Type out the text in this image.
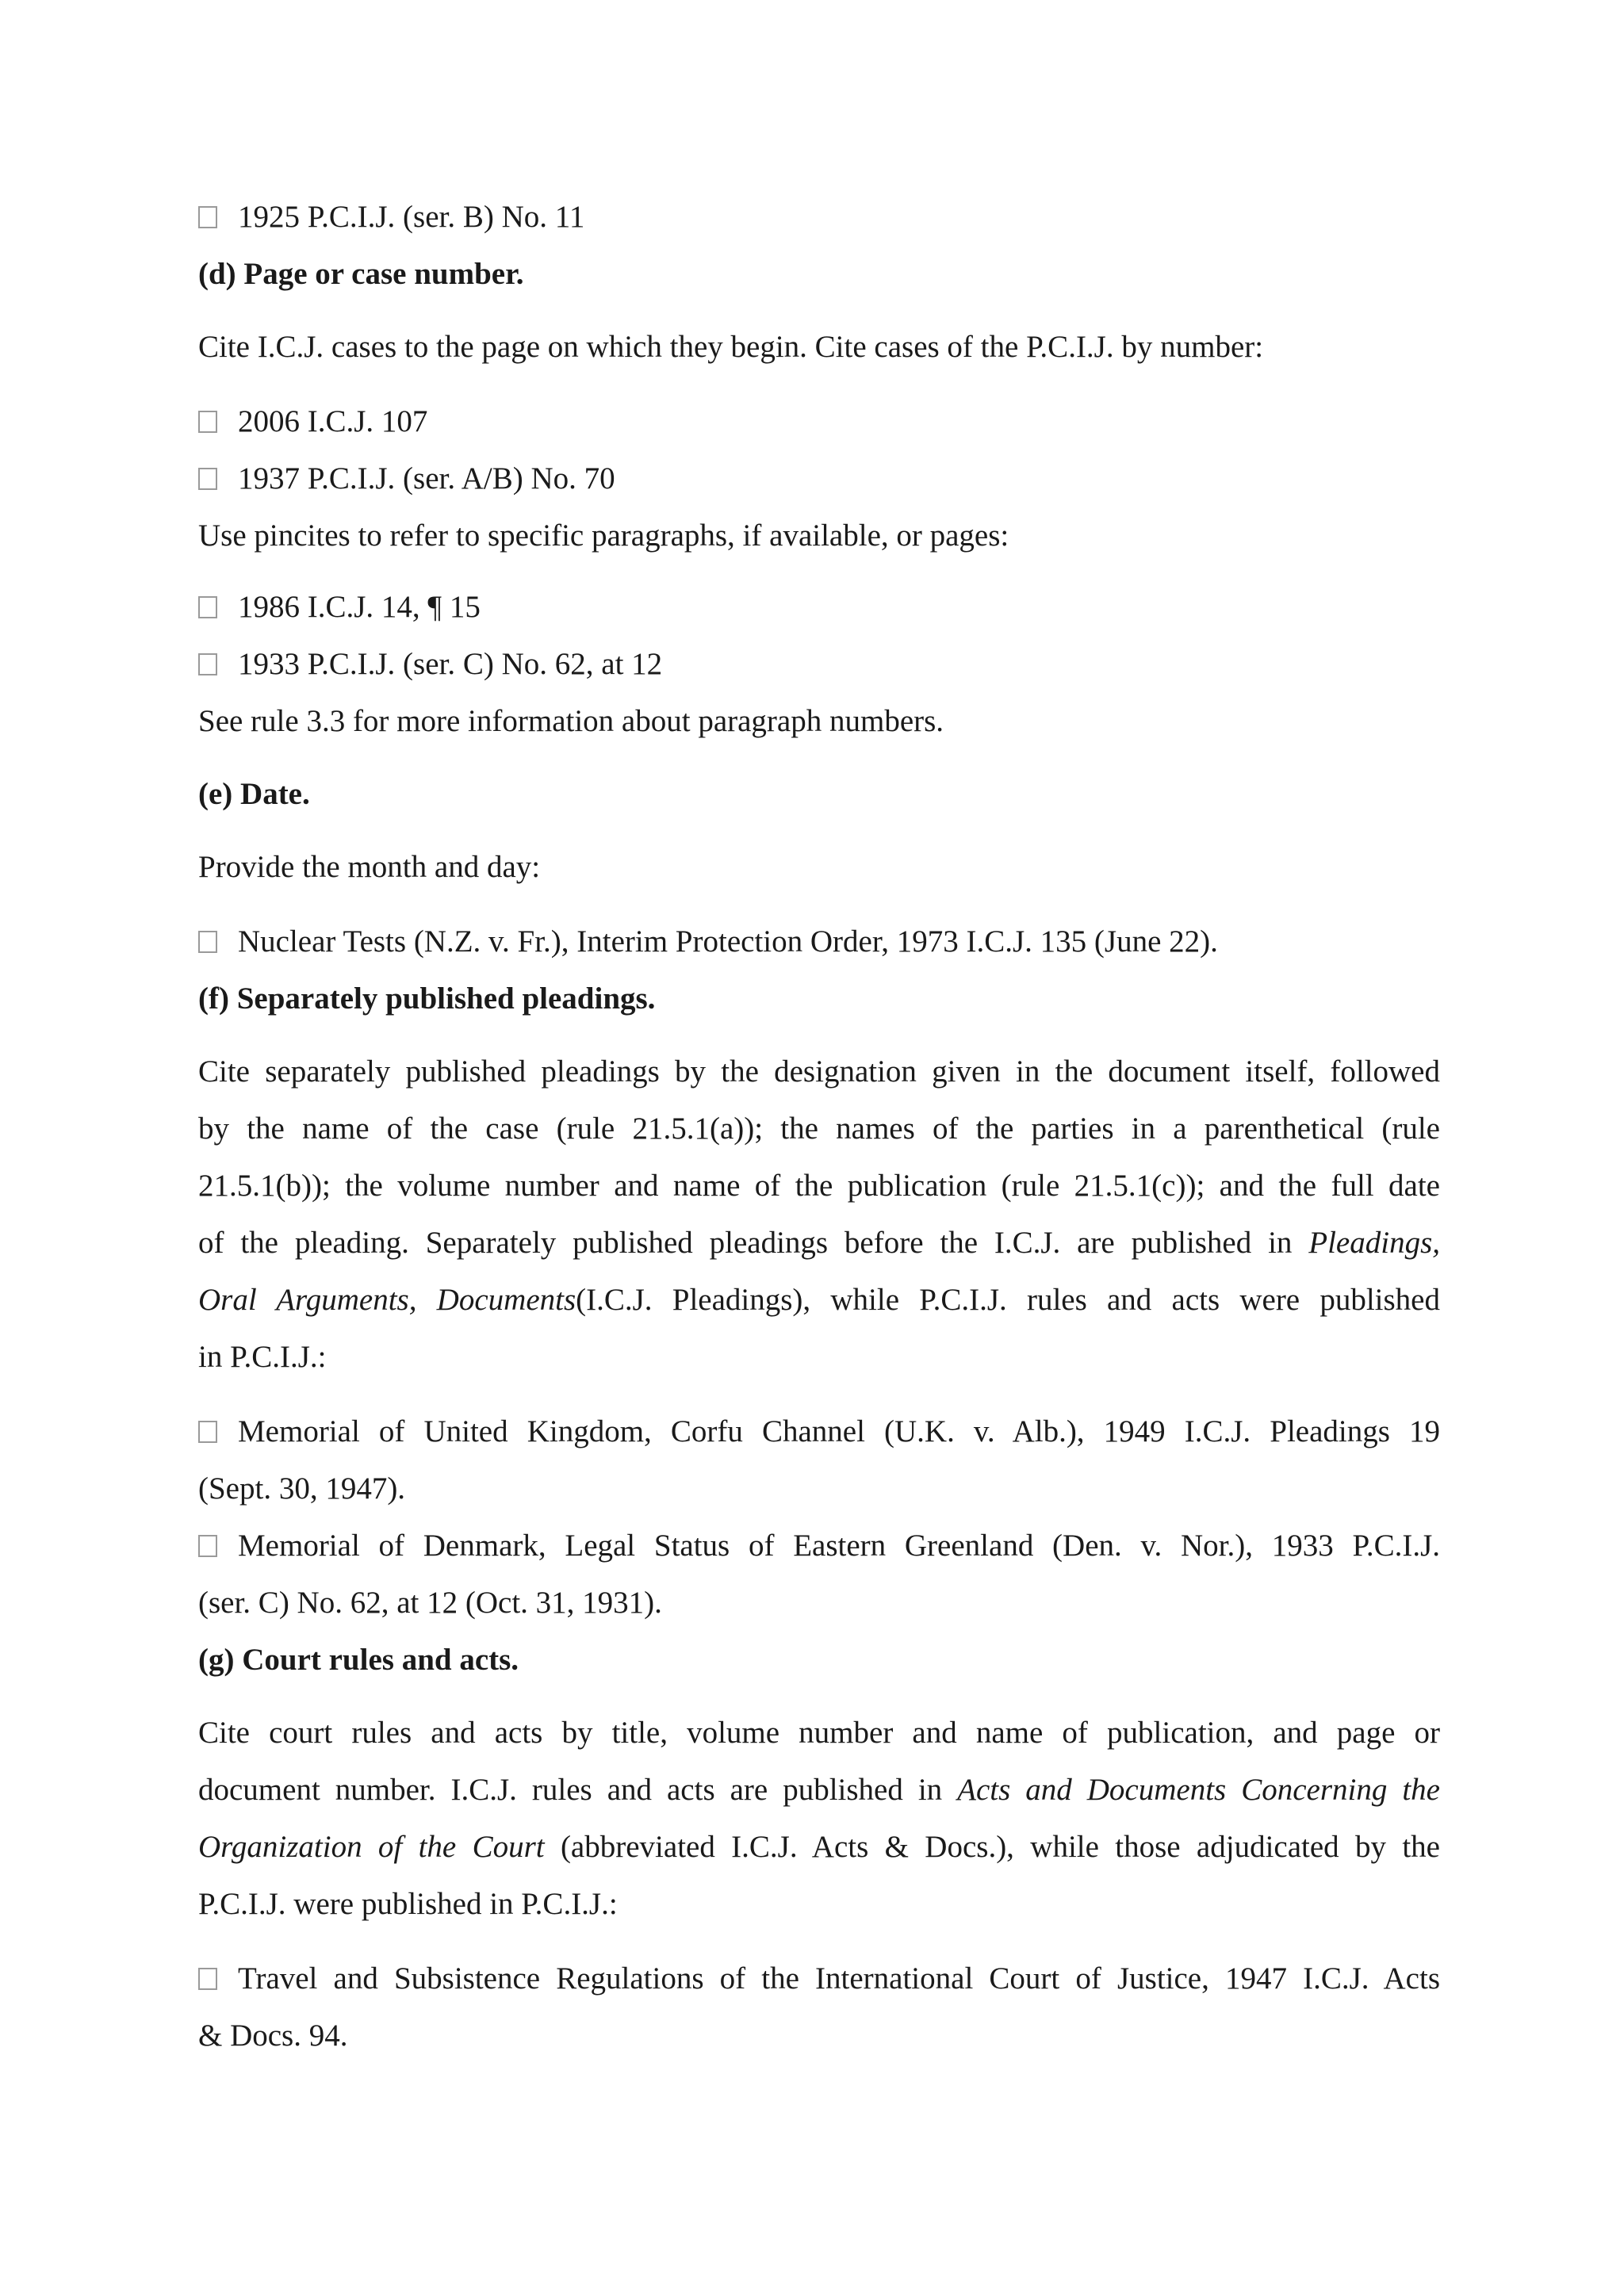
1925 P.C.I.J. (ser. B) No. 11
(d) Page or case number.
Cite I.C.J. cases to the page on which they begin. Cite cases of the P.C.I.J. by number:
2006 I.C.J. 107
1937 P.C.I.J. (ser. A/B) No. 70
Use pincites to refer to specific paragraphs, if available, or pages:
1986 I.C.J. 14, ¶ 15
1933 P.C.I.J. (ser. C) No. 62, at 12
See rule 3.3 for more information about paragraph numbers.
(e) Date.
Provide the month and day:
Nuclear Tests (N.Z. v. Fr.), Interim Protection Order, 1973 I.C.J. 135 (June 22).
(f) Separately published pleadings.
Cite separately published pleadings by the designation given in the document itself, followed
by the name of the case (rule 21.5.1(a)); the names of the parties in a parenthetical (rule
21.5.1(b)); the volume number and name of the publication (rule 21.5.1(c)); and the full date
of the pleading. Separately published pleadings before the I.C.J. are published in Pleadings,
Oral Arguments, Documents(I.C.J. Pleadings), while P.C.I.J. rules and acts were published
in P.C.I.J.:
Memorial of United Kingdom, Corfu Channel (U.K. v. Alb.), 1949 I.C.J. Pleadings 19
(Sept. 30, 1947).
Memorial of Denmark, Legal Status of Eastern Greenland (Den. v. Nor.), 1933 P.C.I.J.
(ser. C) No. 62, at 12 (Oct. 31, 1931).
(g) Court rules and acts.
Cite court rules and acts by title, volume number and name of publication, and page or
document number. I.C.J. rules and acts are published in Acts and Documents Concerning the
Organization of the Court (abbreviated I.C.J. Acts & Docs.), while those adjudicated by the
P.C.I.J. were published in P.C.I.J.:
Travel and Subsistence Regulations of the International Court of Justice, 1947 I.C.J. Acts
& Docs. 94.
